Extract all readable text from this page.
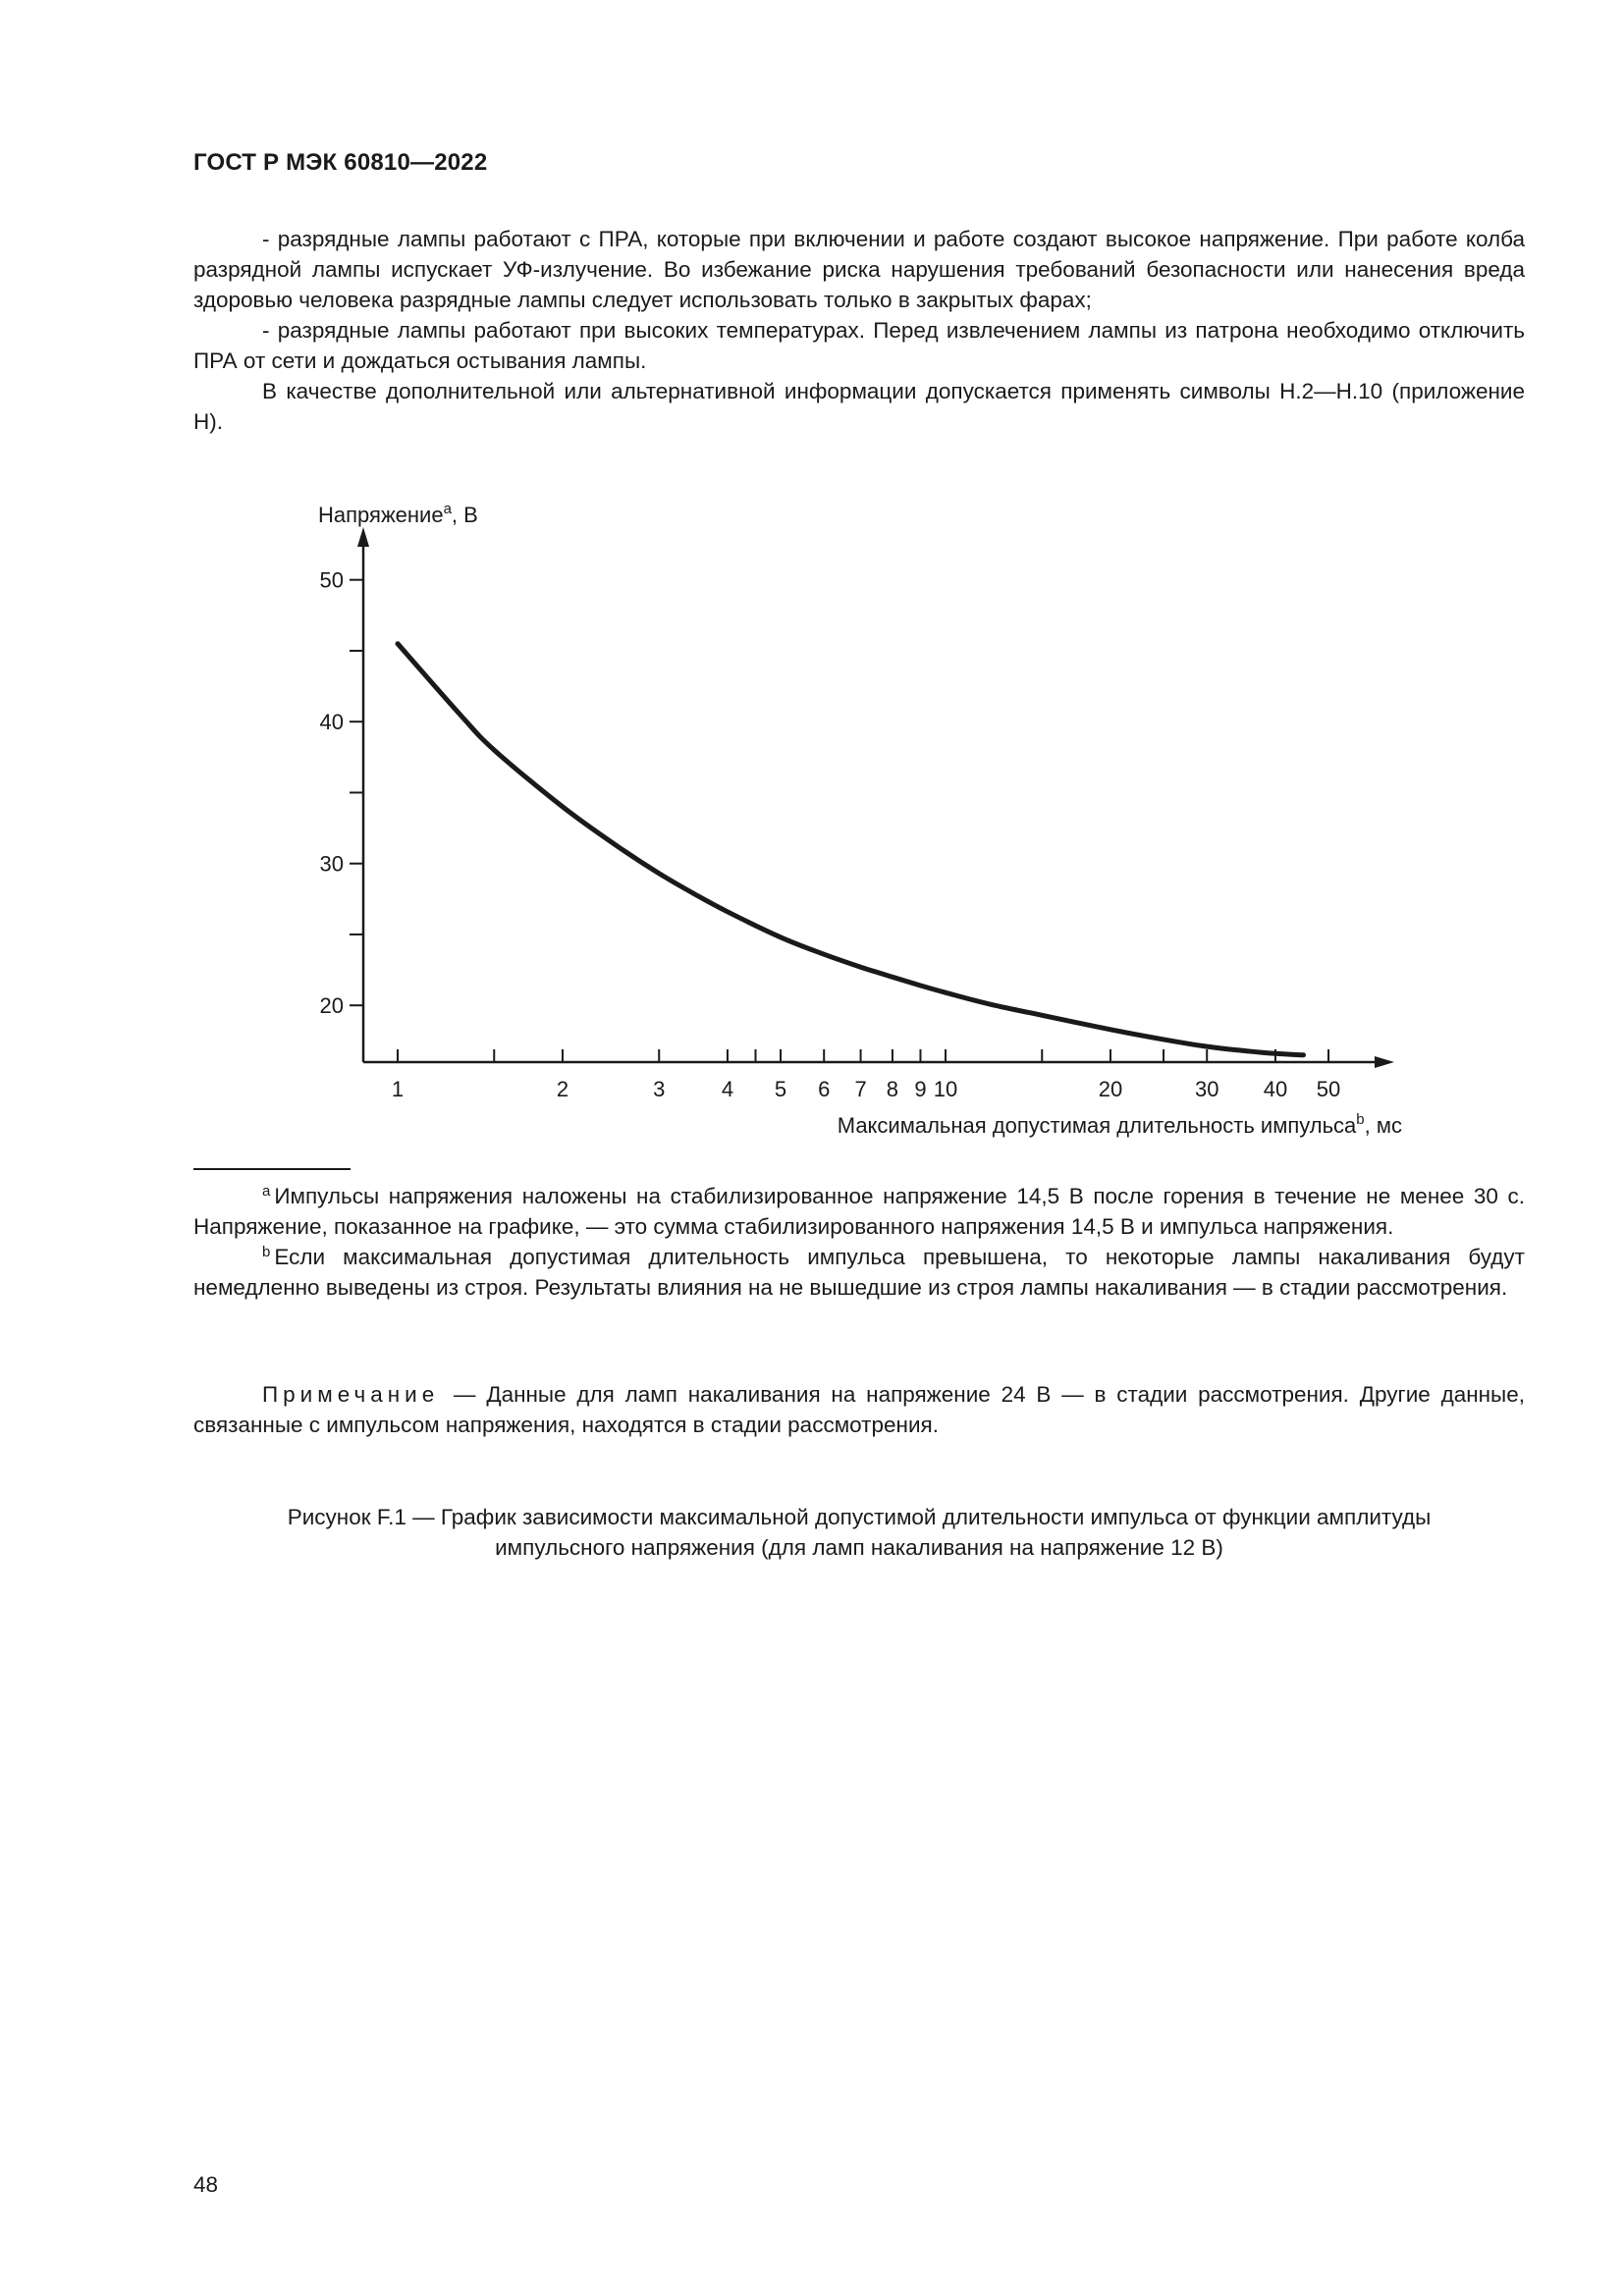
ГОСТ Р МЭК 60810—2022

- разрядные лампы работают с ПРА, которые при включении и работе создают высокое напряжение. При работе колба разрядной лампы испускает УФ-излучение. Во избежание риска нарушения требований безопасности или нанесения вреда здоровью человека разрядные лампы следует использовать только в закрытых фарах;

- разрядные лампы работают при высоких температурах. Перед извлечением лампы из патрона необходимо отключить ПРА от сети и дождаться остывания лампы.

В качестве дополнительной или альтернативной информации допускается применять символы Н.2—Н.10 (приложение Н).

1	2	3	4 5 6 7 8 9 10	20	30 40 50
20
30
40
50
Напряжение$^a$, В
Максимальная допустимая длительность импульса$^b$, мс

$^a$ Импульсы напряжения наложены на стабилизированное напряжение 14,5 В после горения в течение не менее 30 с. Напряжение, показанное на графике, — это сумма стабилизированного напряжения 14,5 В и импульса напряжения.

$^b$ Если максимальная допустимая длительность импульса превышена, то некоторые лампы накаливания будут немедленно выведены из строя. Результаты влияния на не вышедшие из строя лампы накаливания — в стадии рассмотрения.

Примечание — Данные для ламп накаливания на напряжение 24 В — в стадии рассмотрения. Другие данные, связанные с импульсом напряжения, находятся в стадии рассмотрения.

Рисунок F.1 — График зависимости максимальной допустимой длительности импульса от функции амплитуды
импульсного напряжения (для ламп накаливания на напряжение 12 В)
48
